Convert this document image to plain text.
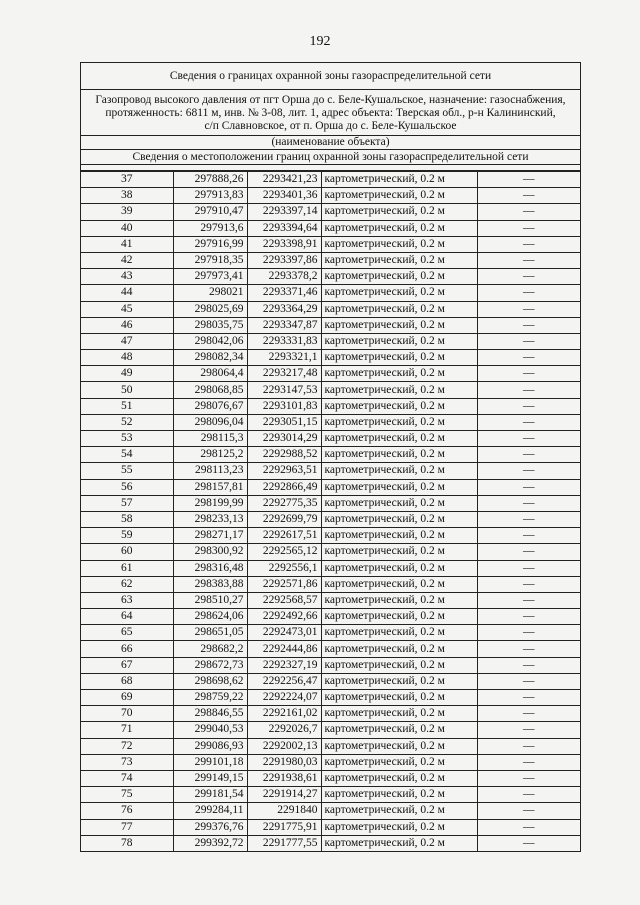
192
Сведения о границах охранной зоны газораспределительной сети
Газопровод высокого давления от пгт Орша до с. Беле-Кушальское, назначение: газоснабжения,
протяженность: 6811 м, инв. № 3-08, лит. 1, адрес объекта: Тверская обл., р-н Калининский,
с/п Славновское, от п. Орша до с. Беле-Кушальское
(наименование объекта)
Сведения о местоположении границ охранной зоны газораспределительной сети
37	297888,26	2293421,23	картометрический, 0.2 м	—
38	297913,83	2293401,36	картометрический, 0.2 м	—
39	297910,47	2293397,14	картометрический, 0.2 м	—
40	297913,6	2293394,64	картометрический, 0.2 м	—
41	297916,99	2293398,91	картометрический, 0.2 м	—
42	297918,35	2293397,86	картометрический, 0.2 м	—
43	297973,41	2293378,2	картометрический, 0.2 м	—
44	298021	2293371,46	картометрический, 0.2 м	—
45	298025,69	2293364,29	картометрический, 0.2 м	—
46	298035,75	2293347,87	картометрический, 0.2 м	—
47	298042,06	2293331,83	картометрический, 0.2 м	—
48	298082,34	2293321,1	картометрический, 0.2 м	—
49	298064,4	2293217,48	картометрический, 0.2 м	—
50	298068,85	2293147,53	картометрический, 0.2 м	—
51	298076,67	2293101,83	картометрический, 0.2 м	—
52	298096,04	2293051,15	картометрический, 0.2 м	—
53	298115,3	2293014,29	картометрический, 0.2 м	—
54	298125,2	2292988,52	картометрический, 0.2 м	—
55	298113,23	2292963,51	картометрический, 0.2 м	—
56	298157,81	2292866,49	картометрический, 0.2 м	—
57	298199,99	2292775,35	картометрический, 0.2 м	—
58	298233,13	2292699,79	картометрический, 0.2 м	—
59	298271,17	2292617,51	картометрический, 0.2 м	—
60	298300,92	2292565,12	картометрический, 0.2 м	—
61	298316,48	2292556,1	картометрический, 0.2 м	—
62	298383,88	2292571,86	картометрический, 0.2 м	—
63	298510,27	2292568,57	картометрический, 0.2 м	—
64	298624,06	2292492,66	картометрический, 0.2 м	—
65	298651,05	2292473,01	картометрический, 0.2 м	—
66	298682,2	2292444,86	картометрический, 0.2 м	—
67	298672,73	2292327,19	картометрический, 0.2 м	—
68	298698,62	2292256,47	картометрический, 0.2 м	—
69	298759,22	2292224,07	картометрический, 0.2 м	—
70	298846,55	2292161,02	картометрический, 0.2 м	—
71	299040,53	2292026,7	картометрический, 0.2 м	—
72	299086,93	2292002,13	картометрический, 0.2 м	—
73	299101,18	2291980,03	картометрический, 0.2 м	—
74	299149,15	2291938,61	картометрический, 0.2 м	—
75	299181,54	2291914,27	картометрический, 0.2 м	—
76	299284,11	2291840	картометрический, 0.2 м	—
77	299376,76	2291775,91	картометрический, 0.2 м	—
78	299392,72	2291777,55	картометрический, 0.2 м	—
